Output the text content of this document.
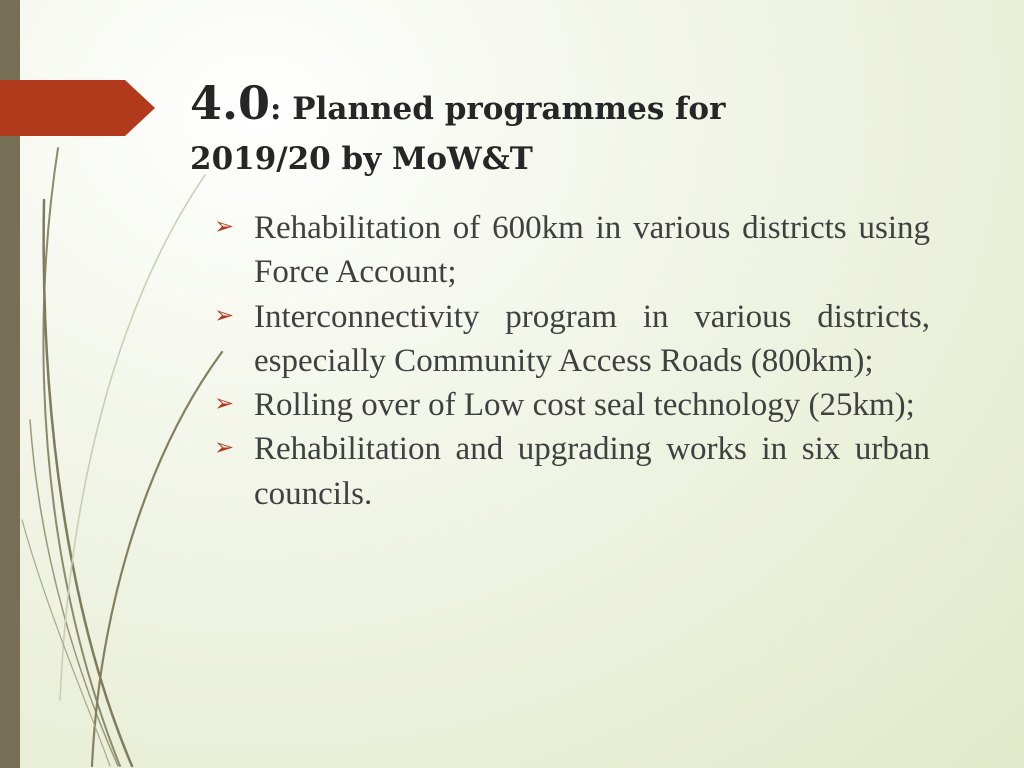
4.0: Planned programmes for
2019/20 by MoW&T
➢ Rehabilitation of 600km in various districts using Force Account;
➢ Interconnectivity program in various districts, especially Community Access Roads (800km);
➢ Rolling over of Low cost seal technology (25km);
➢ Rehabilitation and upgrading works in six urban councils.
